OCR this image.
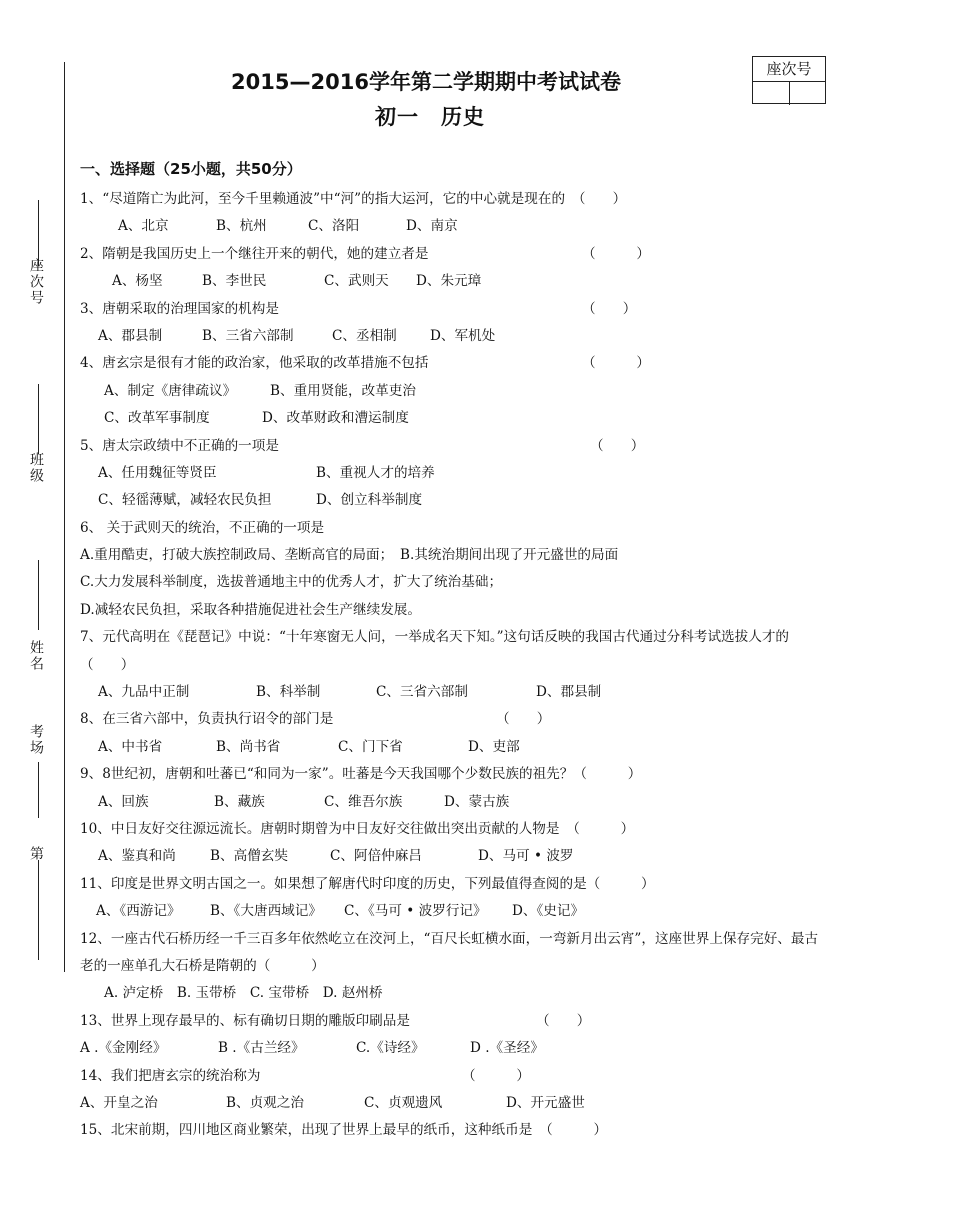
座次号
班级
姓名
考场
第
座次号
2015—2016学年第二学期期中考试试卷
初一　历史
一、选择题（25小题，共50分）
1、“尽道隋亡为此河，至今千里赖通波”中“河”的指大运河，它的中心就是现在的　（　　）
A、北京	B、杭州	C、洛阳	D、南京
2、隋朝是我国历史上一个继往开来的朝代，她的建立者是	（　　　）
A、杨坚	B、李世民	C、武则天 D、朱元璋
3、唐朝采取的治理国家的机构是	（　　）
A、郡县制	B、三省六部制	C、丞相制 D、军机处
4、唐玄宗是很有才能的政治家，他采取的改革措施不包括	（　　　）
A、制定《唐律疏议》 B、重用贤能，改革吏治
C、改革军事制度	D、改革财政和漕运制度
5、唐太宗政绩中不正确的一项是	（　　）
A、任用魏征等贤臣	B、重视人才的培养
C、轻徭薄赋，减轻农民负担	D、创立科举制度
6、 关于武则天的统治，不正确的一项是
A.重用酷吏，打破大族控制政局、垄断高官的局面；　B.其统治期间出现了开元盛世的局面
C.大力发展科举制度，选拔普通地主中的优秀人才，扩大了统治基础；
D.减轻农民负担，采取各种措施促进社会生产继续发展。
7、元代高明在《琵琶记》中说：“十年寒窗无人问，一举成名天下知。”这句话反映的我国古代通过分科考试选拔人才的　　　　　　　　　　　　　（　　）
A、九品中正制	B、科举制	C、三省六部制	D、郡县制
8、在三省六部中，负责执行诏令的部门是	（　　）
A、中书省	B、尚书省	C、门下省	D、吏部
9、8世纪初，唐朝和吐蕃已“和同为一家”。吐蕃是今天我国哪个少数民族的祖先？（　　　）
A、回族	B、藏族	C、维吾尔族	D、蒙古族
10、中日友好交往源远流长。唐朝时期曾为中日友好交往做出突出贡献的人物是　（　　　）
A、鉴真和尚	B、高僧玄奘	C、阿倍仲麻吕	D、马可 • 波罗
11、印度是世界文明古国之一。如果想了解唐代时印度的历史，下列最值得查阅的是（　　　）
A、《西游记》 B、《大唐西域记》 C、《马可 • 波罗行记》 D、《史记》
12、一座古代石桥历经一千三百多年依然屹立在洨河上，“百尺长虹横水面，一弯新月出云宵”，这座世界上保存完好、最古老的一座单孔大石桥是隋朝的（　　　）
A. 泸定桥　B. 玉带桥　C. 宝带桥　D. 赵州桥
13、世界上现存最早的、标有确切日期的雕版印刷品是	（　　）
A .《金刚经》	B .《古兰经》	C.《诗经》	D .《圣经》
14、我们把唐玄宗的统治称为	（　　　）
A、开皇之治	B、贞观之治	C、贞观遗风	D、开元盛世
15、北宋前期，四川地区商业繁荣，出现了世界上最早的纸币，这种纸币是　（　　　）
